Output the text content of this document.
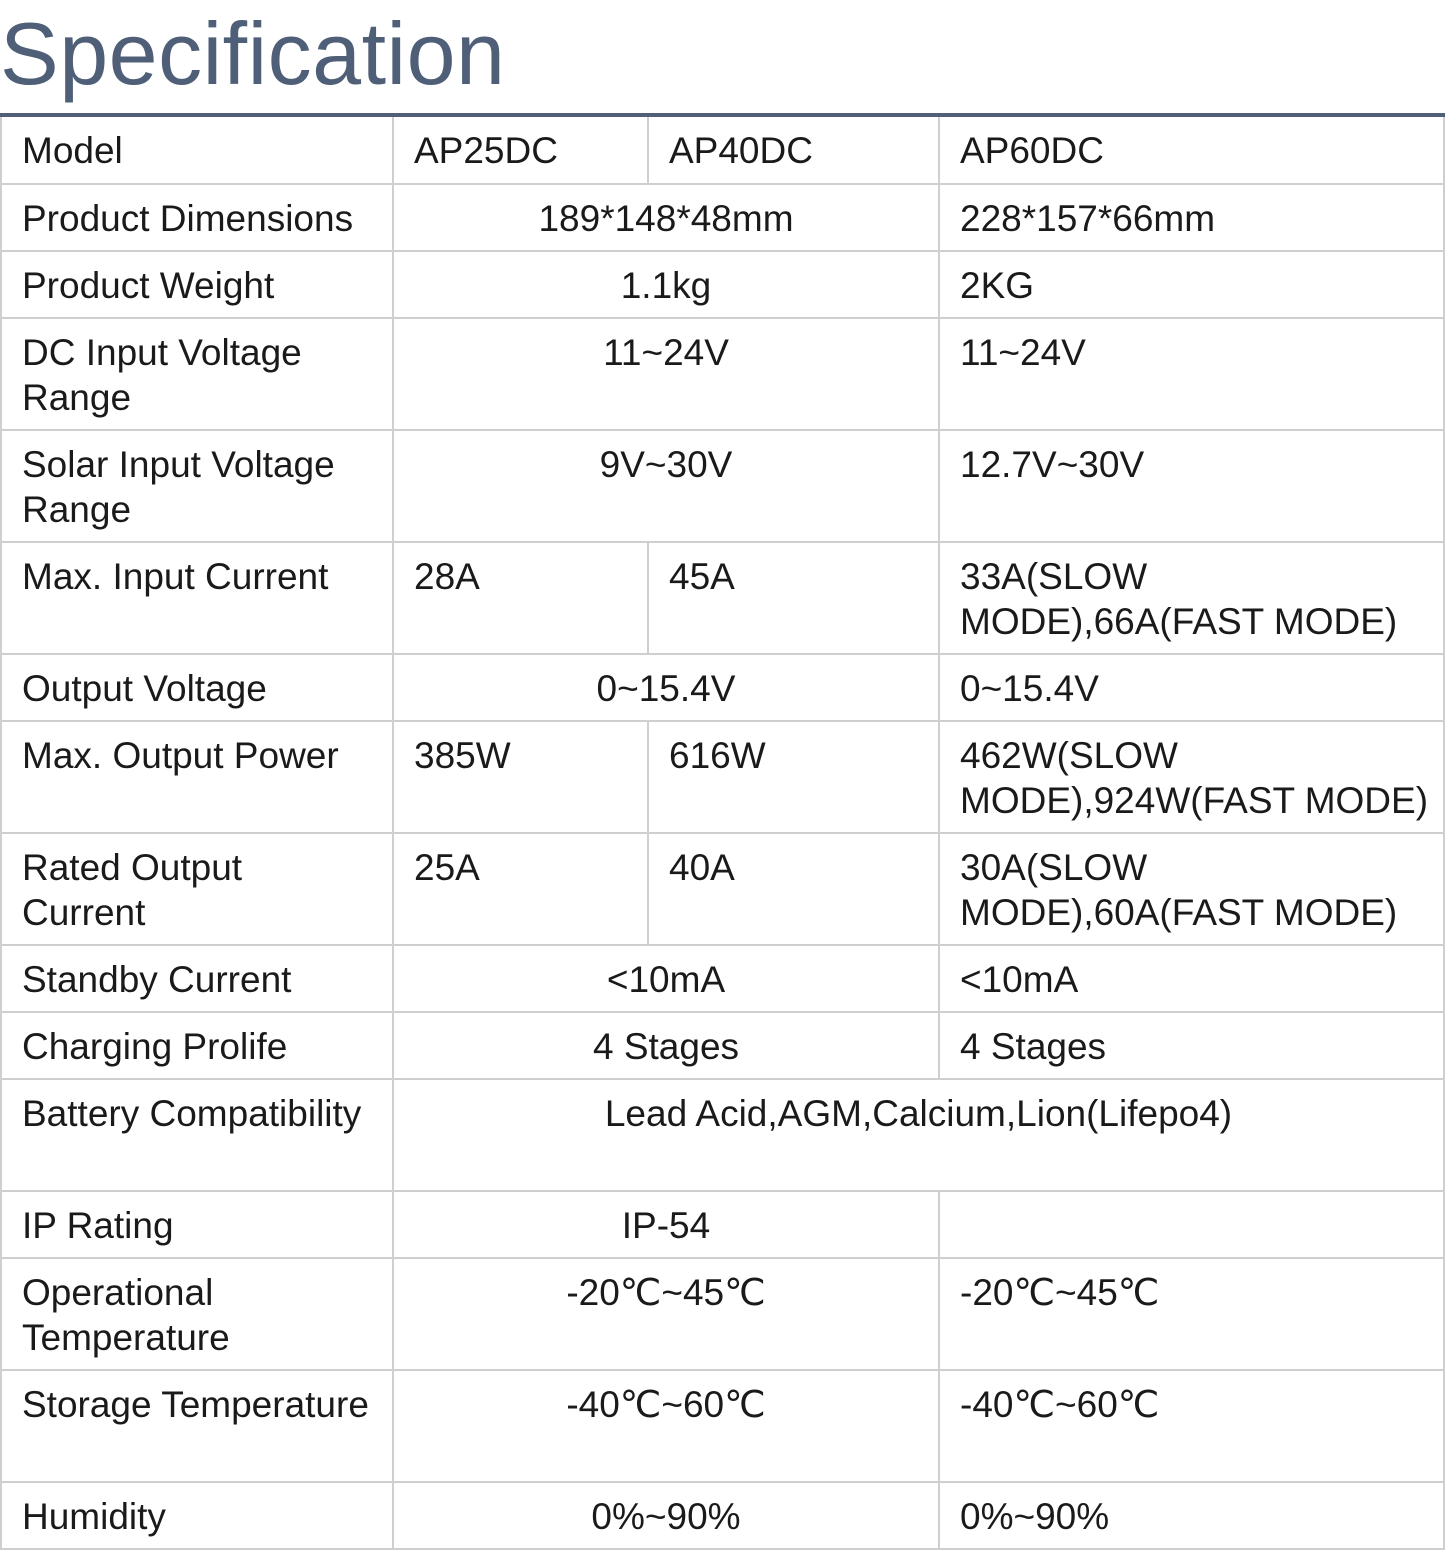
Specification
Model	AP25DC	AP40DC	AP60DC
Product Dimensions	189*148*48mm		228*157*66mm
Product Weight	1.1kg		2KG
DC Input Voltage Range	11~24V		11~24V
Solar Input Voltage Range	9V~30V		12.7V~30V
Max. Input Current	28A	45A	33A(SLOW MODE),66A(FAST MODE)
Output Voltage	0~15.4V		0~15.4V
Max. Output Power	385W	616W	462W(SLOW MODE),924W(FAST MODE)
Rated Output Current	25A	40A	30A(SLOW MODE),60A(FAST MODE)
Standby Current	<10mA		<10mA
Charging Prolife	4 Stages		4 Stages
Battery Compatibility	Lead Acid,AGM,Calcium,Lion(Lifepo4)		
IP Rating	IP-54		
Operational Temperature	-20℃~45℃		-20℃~45℃
Storage Temperature	-40℃~60℃		-40℃~60℃
Humidity	0%~90%		0%~90%
